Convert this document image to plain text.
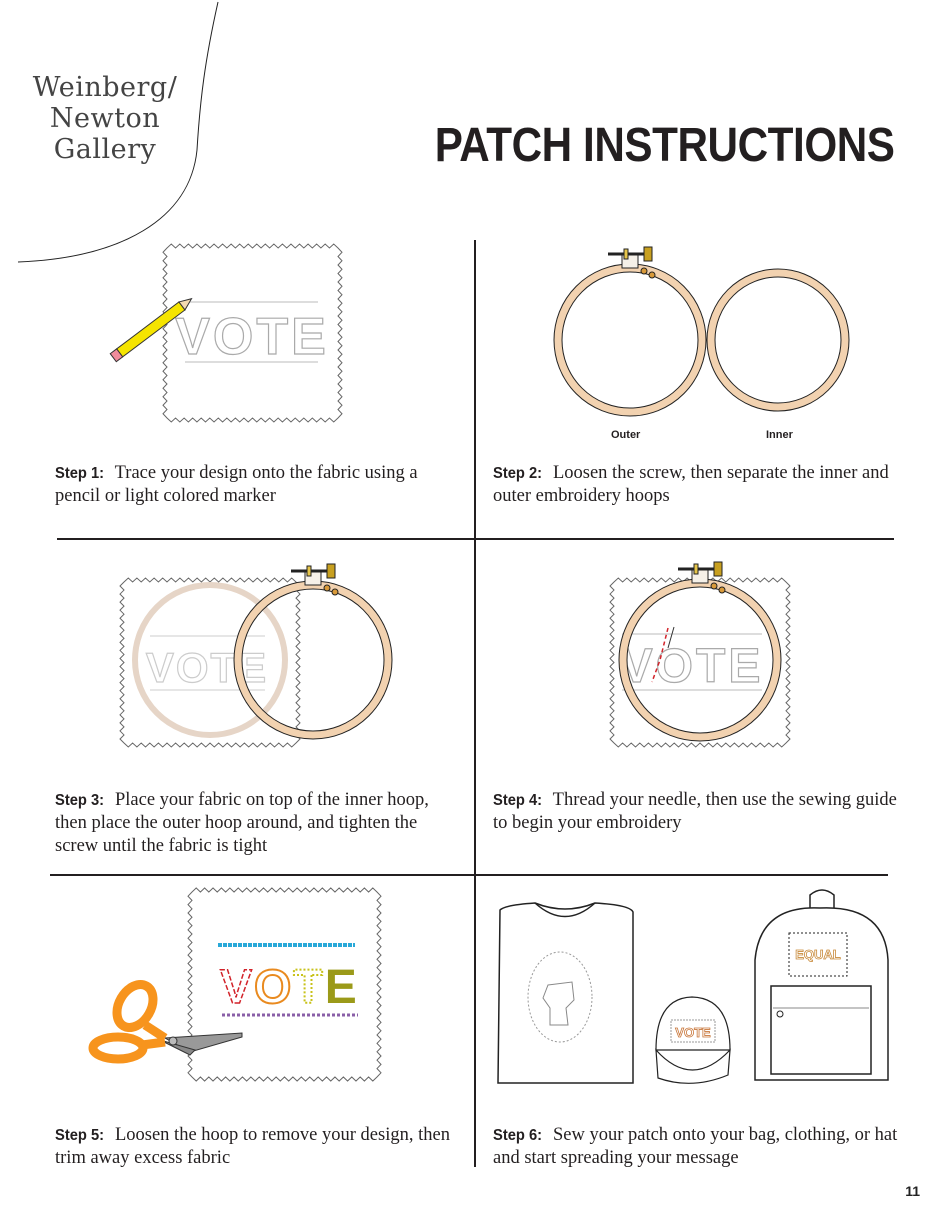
VOTE
VOTE	VOTE
VOTE
VOTE
EQUAL
Weinberg/
Newton
Gallery	PATCH INSTRUCTIONS
Outer	Inner
Step 1: Trace your design onto the fabric using a pencil or light colored marker
Step 2: Loosen the screw, then separate the inner and outer embroidery hoops
Step 3: Place your fabric on top of the inner hoop, then place the outer hoop around, and tighten the screw until the fabric is tight
Step 4: Thread your needle, then use the sewing guide to begin your embroidery
Step 5: Loosen the hoop to remove your design, then trim away excess fabric
Step 6: Sew your patch onto your bag, clothing, or hat and start spreading your message
11
